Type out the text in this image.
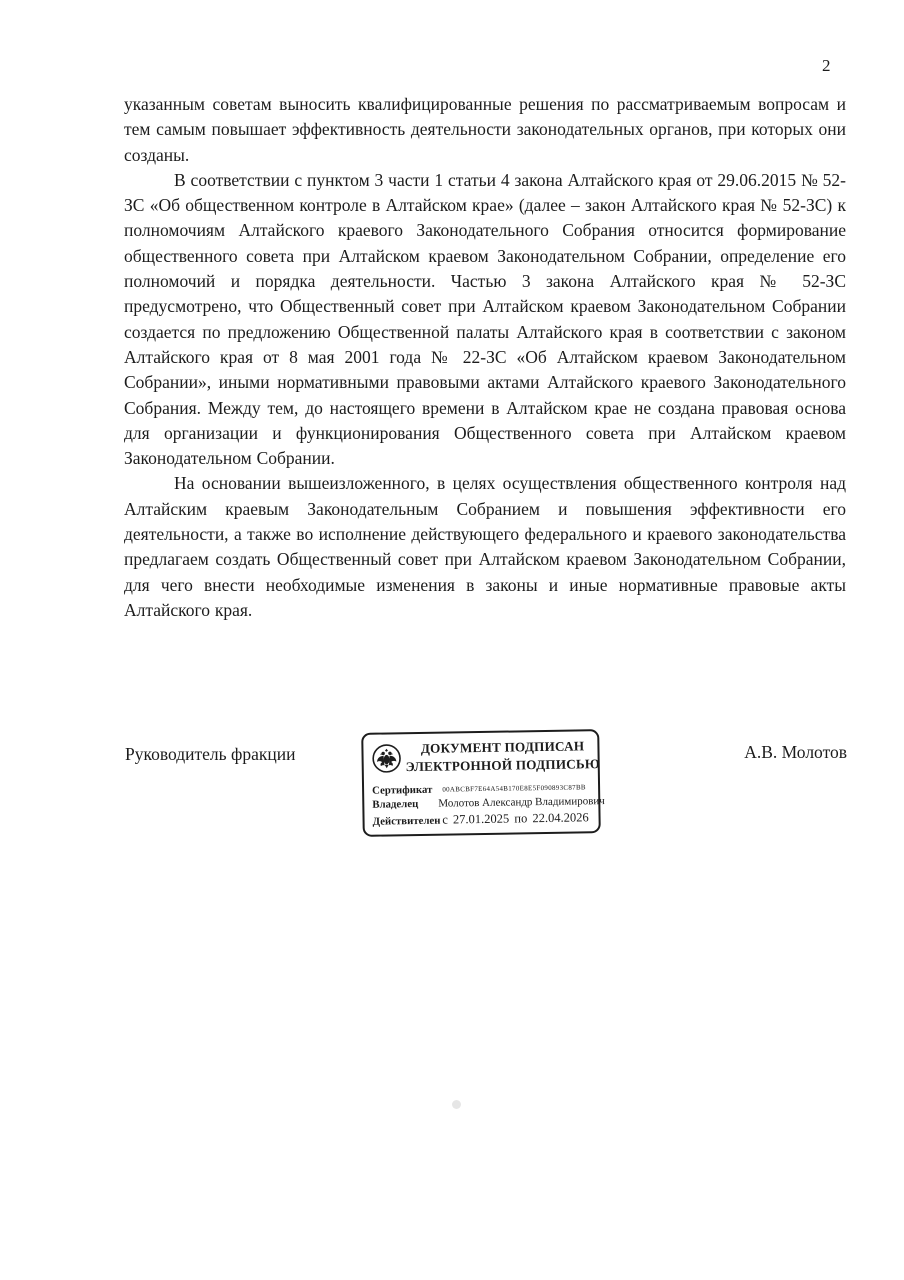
2

указанным советам выносить квалифицированные решения по рассматриваемым вопросам и тем самым повышает эффективность деятельности законодательных органов, при которых они созданы.

В соответствии с пунктом 3 части 1 статьи 4 закона Алтайского края от 29.06.2015 № 52-ЗС «Об общественном контроле в Алтайском крае» (далее – закон Алтайского края № 52-ЗС) к полномочиям Алтайского краевого Законодательного Собрания относится формирование общественного совета при Алтайском краевом Законодательном Собрании, определение его полномочий и порядка деятельности. Частью 3 закона Алтайского края № 52-ЗС предусмотрено, что Общественный совет при Алтайском краевом Законодательном Собрании создается по предложению Общественной палаты Алтайского края в соответствии с законом Алтайского края от 8 мая 2001 года № 22-ЗС «Об Алтайском краевом Законодательном Собрании», иными нормативными правовыми актами Алтайского краевого Законодательного Собрания. Между тем, до настоящего времени в Алтайском крае не создана правовая основа для организации и функционирования Общественного совета при Алтайском краевом Законодательном Собрании.

На основании вышеизложенного, в целях осуществления общественного контроля над Алтайским краевым Законодательным Собранием и повышения эффективности его деятельности, а также во исполнение действующего федерального и краевого законодательства предлагаем создать Общественный совет при Алтайском краевом Законодательном Собрании, для чего внести необходимые изменения в законы и иные нормативные правовые акты Алтайского края.

Руководитель фракции	ДОКУМЕНТ ПОДПИСАН
ЭЛЕКТРОННОЙ ПОДПИСЬЮ
Сертификат	00ABCBF7E64A54B170E8E5F090893C87BB
Владелец	Молотов Александр Владимирович
Действителен с 27.01.2025 по 22.04.2026
А.В. Молотов
